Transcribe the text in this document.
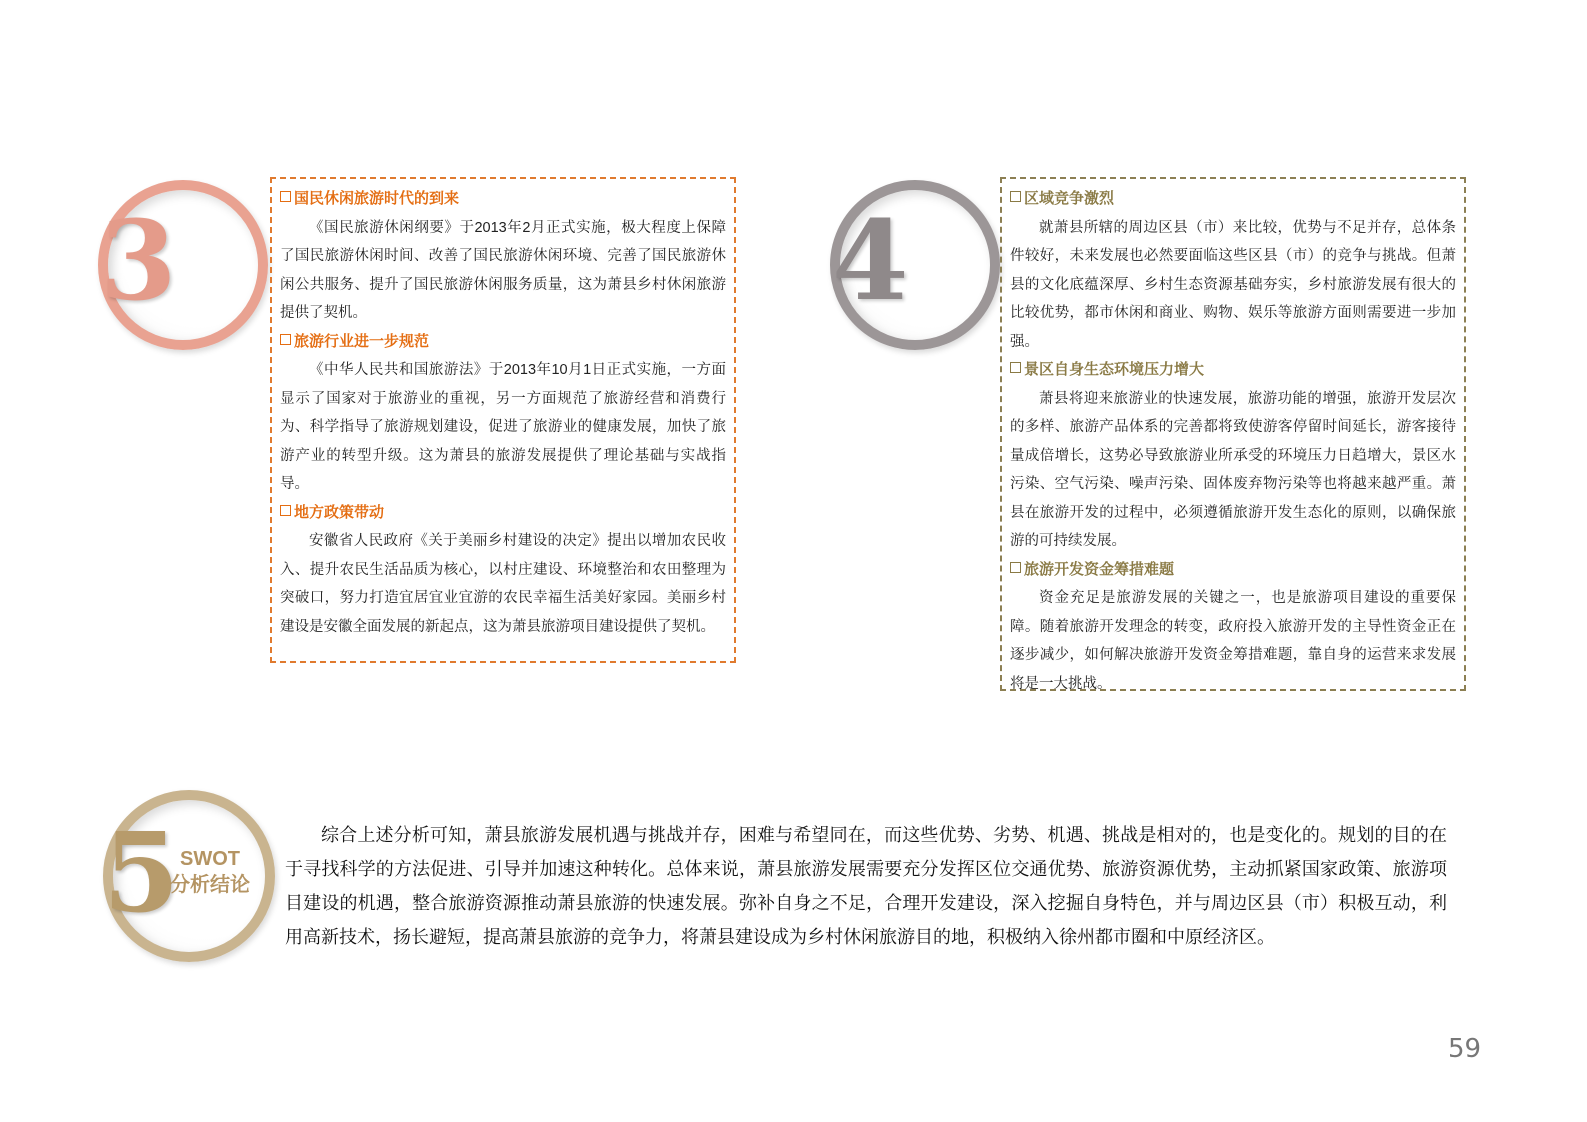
3	国民休闲旅游时代的到来

《国民旅游休闲纲要》于2013年2月正式实施，极大程度上保障了国民旅游休闲时间、改善了国民旅游休闲环境、完善了国民旅游休闲公共服务、提升了国民旅游休闲服务质量，这为萧县乡村休闲旅游提供了契机。

旅游行业进一步规范

《中华人民共和国旅游法》于2013年10月1日正式实施，一方面显示了国家对于旅游业的重视，另一方面规范了旅游经营和消费行为、科学指导了旅游规划建设，促进了旅游业的健康发展，加快了旅游产业的转型升级。这为萧县的旅游发展提供了理论基础与实战指导。

地方政策带动

安徽省人民政府《关于美丽乡村建设的决定》提出以增加农民收入、提升农民生活品质为核心，以村庄建设、环境整治和农田整理为突破口，努力打造宜居宜业宜游的农民幸福生活美好家园。美丽乡村建设是安徽全面发展的新起点，这为萧县旅游项目建设提供了契机。

4	区域竞争激烈

就萧县所辖的周边区县（市）来比较，优势与不足并存，总体条件较好，未来发展也必然要面临这些区县（市）的竞争与挑战。但萧县的文化底蕴深厚、乡村生态资源基础夯实，乡村旅游发展有很大的比较优势，都市休闲和商业、购物、娱乐等旅游方面则需要进一步加强。

景区自身生态环境压力增大

萧县将迎来旅游业的快速发展，旅游功能的增强，旅游开发层次的多样、旅游产品体系的完善都将致使游客停留时间延长，游客接待量成倍增长，这势必导致旅游业所承受的环境压力日趋增大，景区水污染、空气污染、噪声污染、固体废弃物污染等也将越来越严重。萧县在旅游开发的过程中，必须遵循旅游开发生态化的原则，以确保旅游的可持续发展。

旅游开发资金筹措难题

资金充足是旅游发展的关键之一，也是旅游项目建设的重要保障。随着旅游开发理念的转变，政府投入旅游开发的主导性资金正在逐步减少，如何解决旅游开发资金筹措难题，靠自身的运营来求发展将是一大挑战。

5 SWOT
分析结论
综合上述分析可知，萧县旅游发展机遇与挑战并存，困难与希望同在，而这些优势、劣势、机遇、挑战是相对的，也是变化的。规划的目的在于寻找科学的方法促进、引导并加速这种转化。总体来说，萧县旅游发展需要充分发挥区位交通优势、旅游资源优势，主动抓紧国家政策、旅游项目建设的机遇，整合旅游资源推动萧县旅游的快速发展。弥补自身之不足，合理开发建设，深入挖掘自身特色，并与周边区县（市）积极互动，利用高新技术，扬长避短，提高萧县旅游的竞争力，将萧县建设成为乡村休闲旅游目的地，积极纳入徐州都市圈和中原经济区。
59
